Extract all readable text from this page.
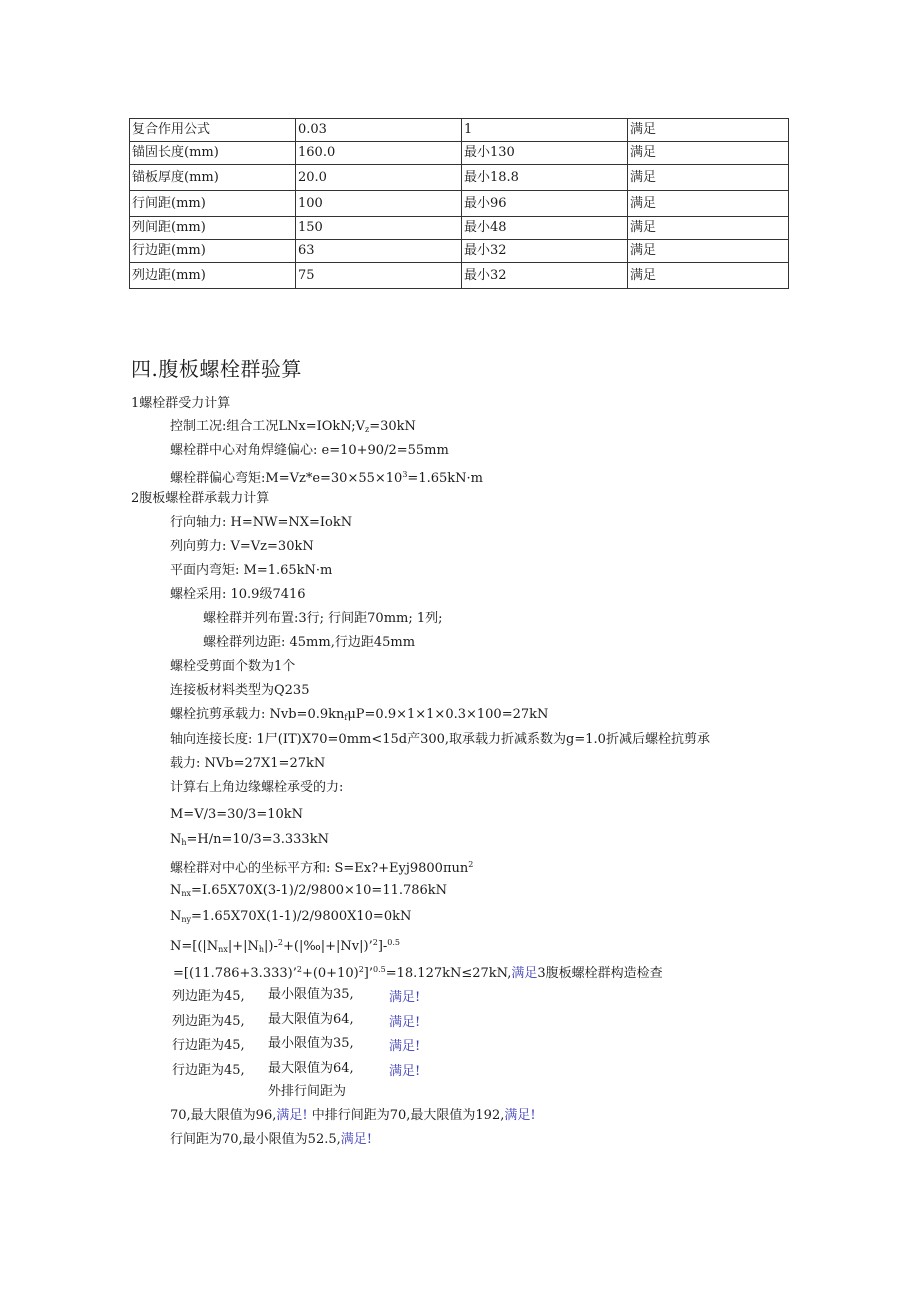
复合作用公式	0.03	1	满足
锚固长度(mm)	160.0	最小130	满足
锚板厚度(mm)	20.0	最小18.8	满足
行间距(mm)	100	最小96	满足
列间距(mm)	150	最小48	满足
行边距(mm)	63	最小32	满足
列边距(mm)	75	最小32	满足
四.腹板螺栓群验算
1螺栓群受力计算
控制工况:组合工况$LNx=IOkN;V_z=30kN$
螺栓群中心对角焊缝偏心: e=10+90/2=55mm
螺栓群偏心弯矩$:M=Vz*e=30\times 55\times 10^3=1.65kN\cdot m$
2腹板螺栓群承载力计算
行向轴力: H=NW=NX=IokN
列向剪力: V=Vz=30kN
平面内弯矩: M=1.65kN·m
螺栓采用: 10.9级7416
螺栓群并列布置:3行; 行间距70mm; 1列;
螺栓群列边距: 45mm,行边距45mm
螺栓受剪面个数为1个
连接板材料类型为Q235
螺栓抗剪承载力: $Nvb=0.9kn_f\mu P=0.9\times 1\times 1\times 0.3\times 100=27kN$
轴向连接长度: 1尸(IT)X70=0mm<15d产300,取承载力折减系数为g=1.0折减后螺栓抗剪承
载力: NVb=27X1=27kN
计算右上角边缘螺栓承受的力:
M=V/3=30/3=10kN
$N_h=H/n=10/3=3.333kN$
螺栓群对中心的坐标平方和: S=Ex?+Eyj9800πun$^2$
$N_{nx}=I.65X70X(3-1)/2/9800\times 10=11.786kN$
$N_{ny}=1.65X70X(1-1)/2/9800X10=0kN$
$N=[(|N_{nx}|+|N_h|)-^2+(|‰|+|Nv|)’^2]-^{0.5}$
$=[(11.786+3.333)’^2+(0+10)^2]’^{0.5}=18.127kN\le 27kN$,满足3腹板螺栓群构造检查
列边距为45, 最小限值为35,	满足!
列边距为45, 最大限值为64,	满足!
行边距为45, 最小限值为35,	满足!
行边距为45, 最大限值为64,	满足!
外排行间距为
70,最大限值为96,满足! 中排行间距为70,最大限值为192,满足!
行间距为70,最小限值为52.5,满足!
